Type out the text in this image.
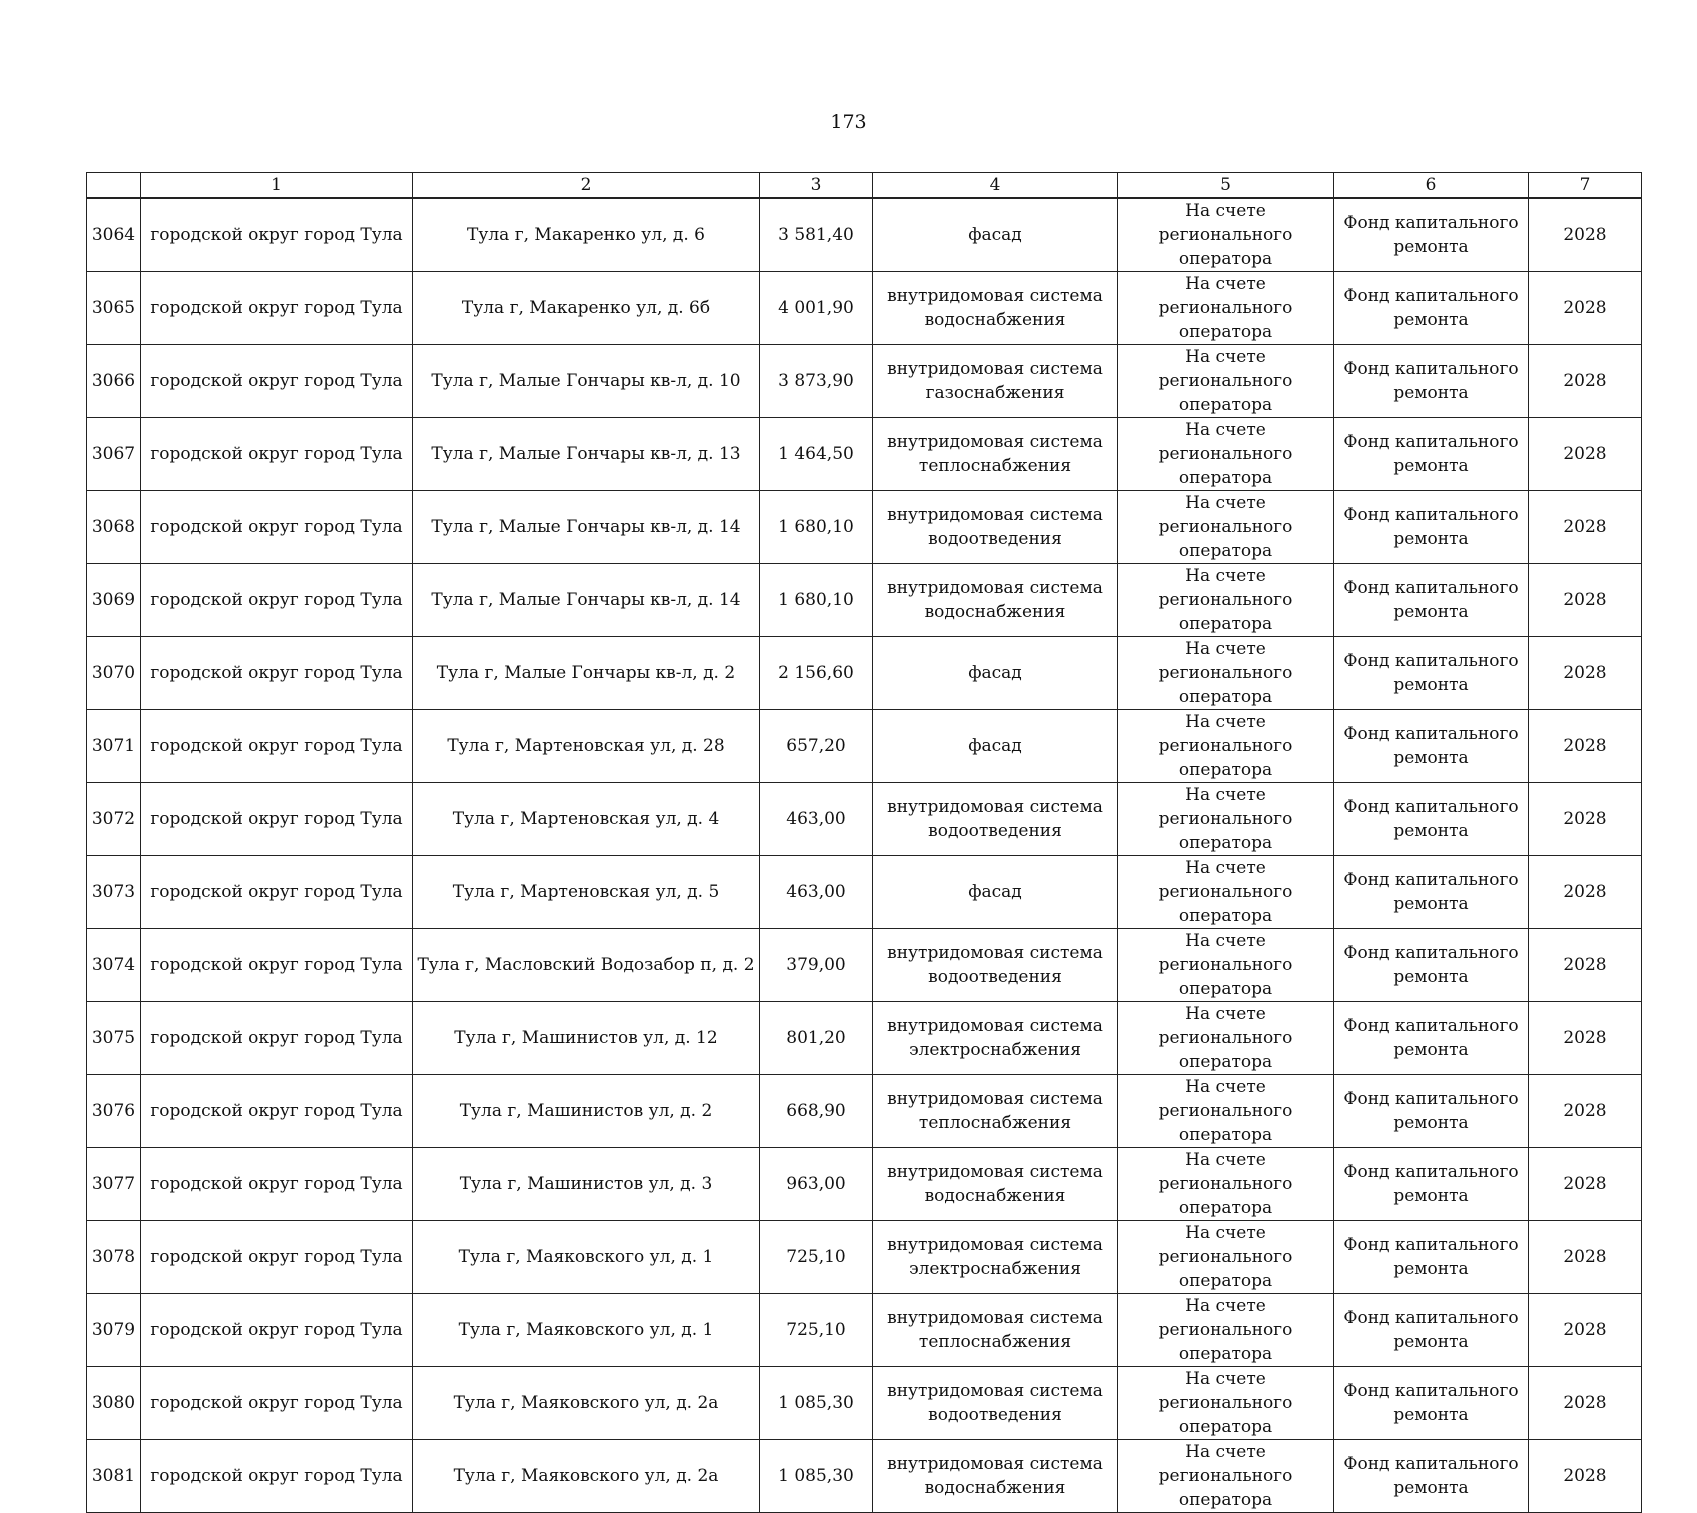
173
	1	2	3	4	5	6	7
3064	городской округ город Тула	Тула г, Макаренко ул, д. 6	3 581,40	фасад	На счете регионального оператора	Фонд капитального ремонта	2028
3065	городской округ город Тула	Тула г, Макаренко ул, д. 6б	4 001,90	внутридомовая система водоснабжения	На счете регионального оператора	Фонд капитального ремонта	2028
3066	городской округ город Тула	Тула г, Малые Гончары кв-л, д. 10	3 873,90	внутридомовая система газоснабжения	На счете регионального оператора	Фонд капитального ремонта	2028
3067	городской округ город Тула	Тула г, Малые Гончары кв-л, д. 13	1 464,50	внутридомовая система теплоснабжения	На счете регионального оператора	Фонд капитального ремонта	2028
3068	городской округ город Тула	Тула г, Малые Гончары кв-л, д. 14	1 680,10	внутридомовая система водоотведения	На счете регионального оператора	Фонд капитального ремонта	2028
3069	городской округ город Тула	Тула г, Малые Гончары кв-л, д. 14	1 680,10	внутридомовая система водоснабжения	На счете регионального оператора	Фонд капитального ремонта	2028
3070	городской округ город Тула	Тула г, Малые Гончары кв-л, д. 2	2 156,60	фасад	На счете регионального оператора	Фонд капитального ремонта	2028
3071	городской округ город Тула	Тула г, Мартеновская ул, д. 28	657,20	фасад	На счете регионального оператора	Фонд капитального ремонта	2028
3072	городской округ город Тула	Тула г, Мартеновская ул, д. 4	463,00	внутридомовая система водоотведения	На счете регионального оператора	Фонд капитального ремонта	2028
3073	городской округ город Тула	Тула г, Мартеновская ул, д. 5	463,00	фасад	На счете регионального оператора	Фонд капитального ремонта	2028
3074	городской округ город Тула	Тула г, Масловский Водозабор п, д. 2	379,00	внутридомовая система водоотведения	На счете регионального оператора	Фонд капитального ремонта	2028
3075	городской округ город Тула	Тула г, Машинистов ул, д. 12	801,20	внутридомовая система электроснабжения	На счете регионального оператора	Фонд капитального ремонта	2028
3076	городской округ город Тула	Тула г, Машинистов ул, д. 2	668,90	внутридомовая система теплоснабжения	На счете регионального оператора	Фонд капитального ремонта	2028
3077	городской округ город Тула	Тула г, Машинистов ул, д. 3	963,00	внутридомовая система водоснабжения	На счете регионального оператора	Фонд капитального ремонта	2028
3078	городской округ город Тула	Тула г, Маяковского ул, д. 1	725,10	внутридомовая система электроснабжения	На счете регионального оператора	Фонд капитального ремонта	2028
3079	городской округ город Тула	Тула г, Маяковского ул, д. 1	725,10	внутридомовая система теплоснабжения	На счете регионального оператора	Фонд капитального ремонта	2028
3080	городской округ город Тула	Тула г, Маяковского ул, д. 2а	1 085,30	внутридомовая система водоотведения	На счете регионального оператора	Фонд капитального ремонта	2028
3081	городской округ город Тула	Тула г, Маяковского ул, д. 2а	1 085,30	внутридомовая система водоснабжения	На счете регионального оператора	Фонд капитального ремонта	2028
